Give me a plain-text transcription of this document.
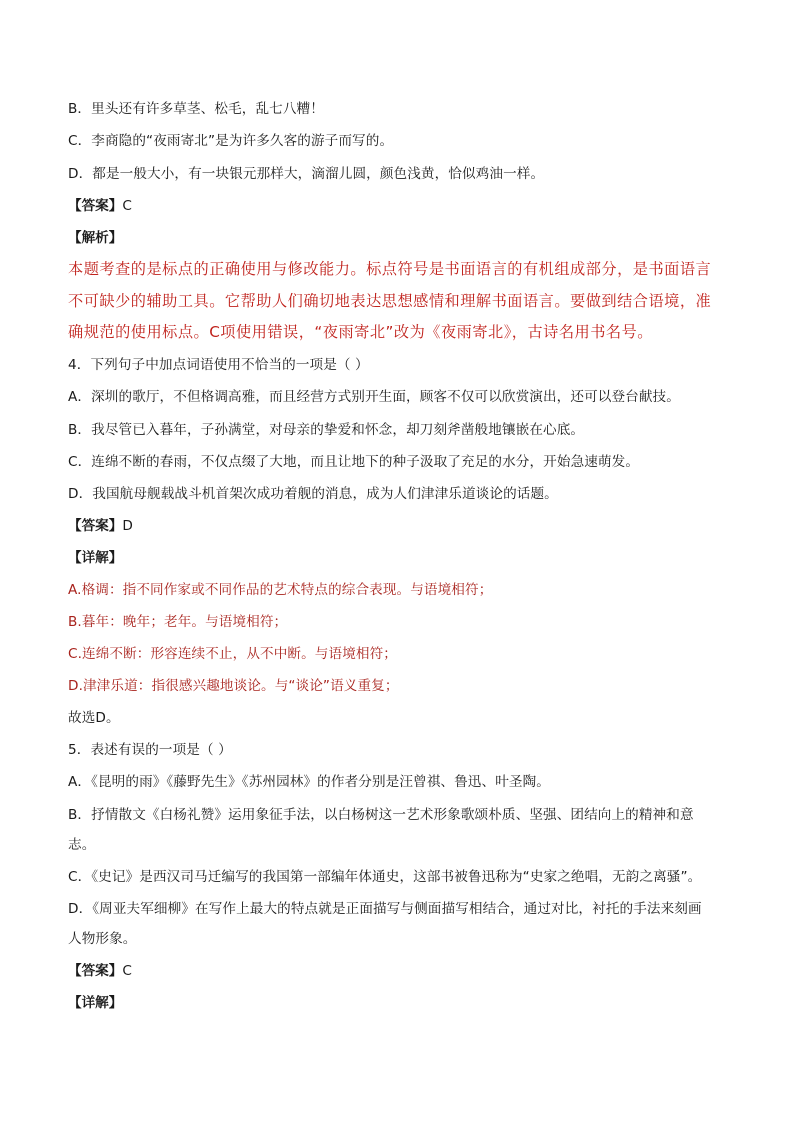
B．里头还有许多草茎、松毛，乱七八糟！
C．李商隐的“夜雨寄北”是为许多久客的游子而写的。
D．都是一般大小，有一块银元那样大，滴溜儿圆，颜色浅黄，恰似鸡油一样。
【答案】C
【解析】
本题考查的是标点的正确使用与修改能力。标点符号是书面语言的有机组成部分，是书面语言
不可缺少的辅助工具。它帮助人们确切地表达思想感情和理解书面语言。要做到结合语境，准
确规范的使用标点。C项使用错误，“夜雨寄北”改为《夜雨寄北》，古诗名用书名号。
4．下列句子中加点词语使用不恰当的一项是（ ）
A．深圳的歌厅，不但格调高雅，而且经营方式别开生面，顾客不仅可以欣赏演出，还可以登台献技。
B．我尽管已入暮年，子孙满堂，对母亲的挚爱和怀念，却刀刻斧凿般地镶嵌在心底。
C．连绵不断的春雨，不仅点缀了大地，而且让地下的种子汲取了充足的水分，开始急速萌发。
D．我国航母舰载战斗机首架次成功着舰的消息，成为人们津津乐道谈论的话题。
【答案】D
【详解】
A.格调：指不同作家或不同作品的艺术特点的综合表现。与语境相符；
B.暮年：晚年；老年。与语境相符；
C.连绵不断：形容连续不止，从不中断。与语境相符；
D.津津乐道：指很感兴趣地谈论。与“谈论”语义重复；
故选D。
5．表述有误的一项是（ ）
A．《昆明的雨》《藤野先生》《苏州园林》的作者分别是汪曾祺、鲁迅、叶圣陶。
B．抒情散文《白杨礼赞》运用象征手法，以白杨树这一艺术形象歌颂朴质、坚强、团结向上的精神和意
志。
C．《史记》是西汉司马迁编写的我国第一部编年体通史，这部书被鲁迅称为“史家之绝唱，无韵之离骚”。
D．《周亚夫军细柳》在写作上最大的特点就是正面描写与侧面描写相结合，通过对比，衬托的手法来刻画
人物形象。
【答案】C
【详解】
